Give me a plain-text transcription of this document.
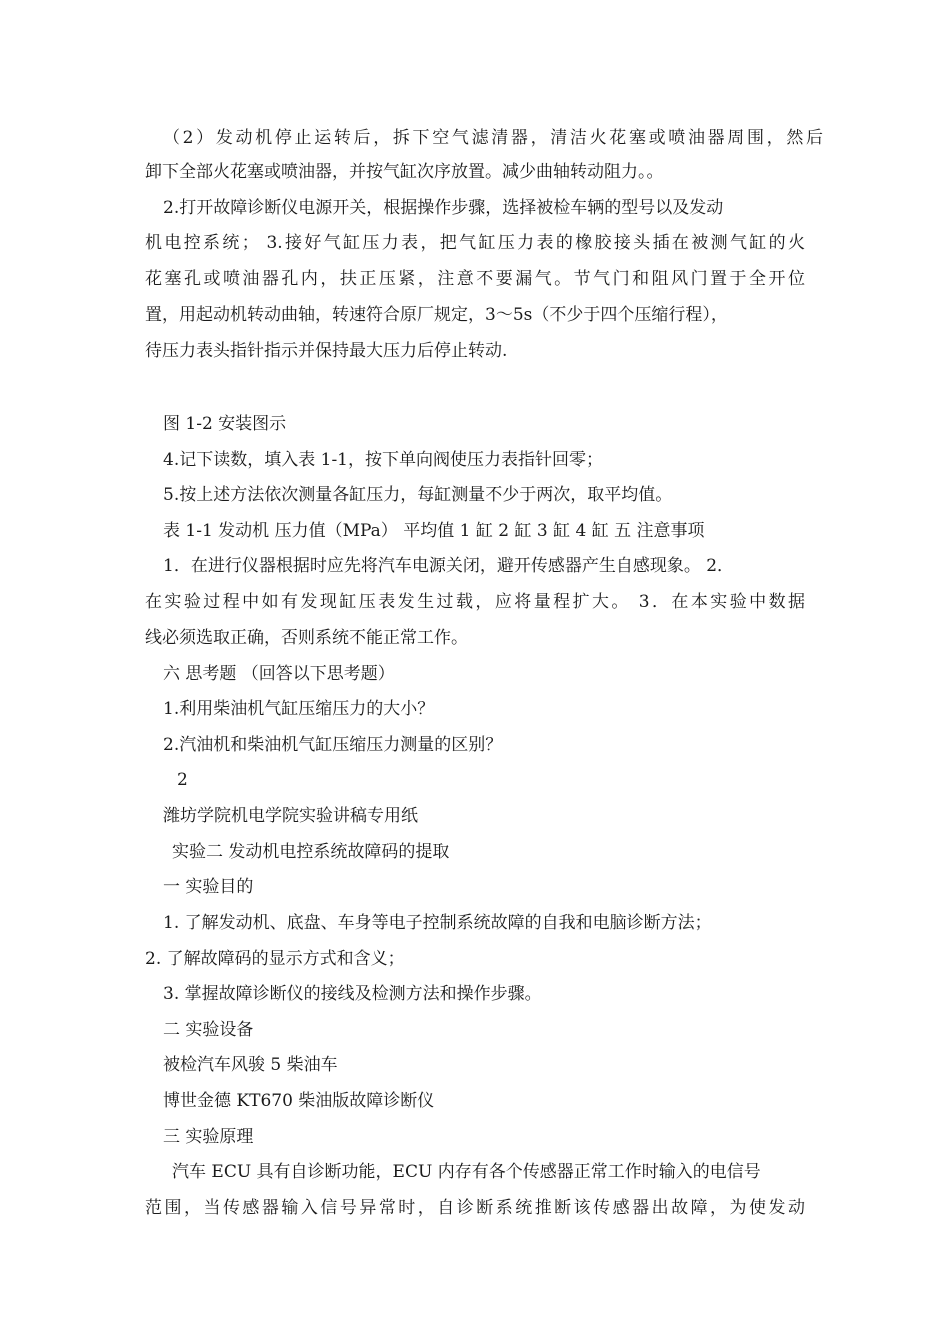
（2）发动机停止运转后，拆下空气滤清器，清洁火花塞或喷油器周围，然后
卸下全部火花塞或喷油器，并按气缸次序放置。减少曲轴转动阻力。。
2.打开故障诊断仪电源开关，根据操作步骤，选择被检车辆的型号以及发动
机电控系统； 3.接好气缸压力表，把气缸压力表的橡胶接头插在被测气缸的火
花塞孔或喷油器孔内，扶正压紧，注意不要漏气。节气门和阻风门置于全开位
置，用起动机转动曲轴，转速符合原厂规定，3～5s（不少于四个压缩行程），
待压力表头指针指示并保持最大压力后停止转动.
图 1-2 安装图示
4.记下读数，填入表 1-1，按下单向阀使压力表指针回零；
5.按上述方法依次测量各缸压力，每缸测量不少于两次，取平均值。
表 1-1 发动机 压力值（MPa） 平均值 1 缸 2 缸 3 缸 4 缸 五 注意事项
1．在进行仪器根据时应先将汽车电源关闭，避开传感器产生自感现象。 2．
在实验过程中如有发现缸压表发生过载，应将量程扩大。 3．在本实验中数据
线必须选取正确，否则系统不能正常工作。
六 思考题 （回答以下思考题）
1.利用柴油机气缸压缩压力的大小？
2.汽油机和柴油机气缸压缩压力测量的区别？
2
潍坊学院机电学院实验讲稿专用纸
实验二 发动机电控系统故障码的提取
一 实验目的
1. 了解发动机、底盘、车身等电子控制系统故障的自我和电脑诊断方法；
2. 了解故障码的显示方式和含义；
3. 掌握故障诊断仪的接线及检测方法和操作步骤。
二 实验设备
被检汽车风骏 5 柴油车
博世金德 KT670 柴油版故障诊断仪
三 实验原理
汽车 ECU 具有自诊断功能，ECU 内存有各个传感器正常工作时输入的电信号
范围，当传感器输入信号异常时，自诊断系统推断该传感器出故障，为使发动
